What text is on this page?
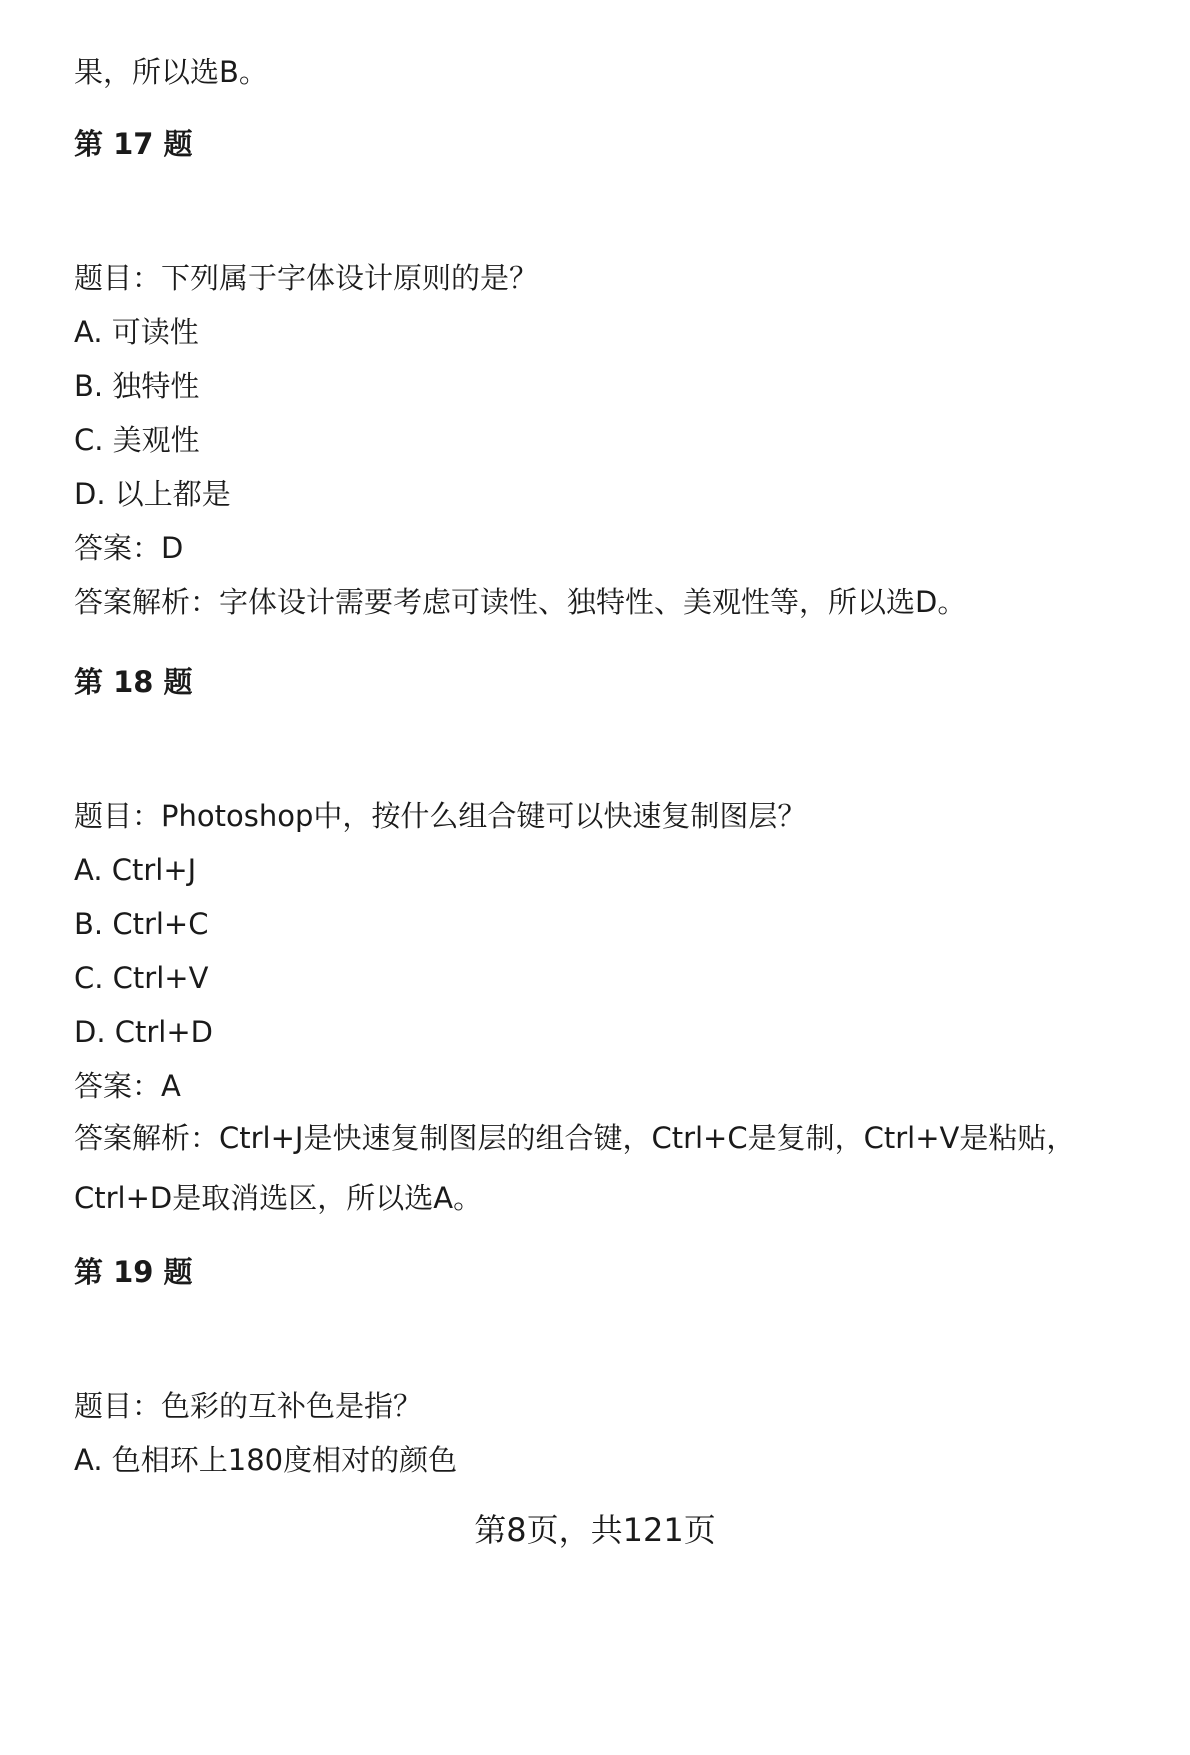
果，所以选B。
第 17 题
题目：下列属于字体设计原则的是？
A. 可读性
B. 独特性
C. 美观性
D. 以上都是
答案：D
答案解析：字体设计需要考虑可读性、独特性、美观性等，所以选D。
第 18 题
题目：Photoshop中，按什么组合键可以快速复制图层？
A. Ctrl+J
B. Ctrl+C
C. Ctrl+V
D. Ctrl+D
答案：A
答案解析：Ctrl+J是快速复制图层的组合键，Ctrl+C是复制，Ctrl+V是粘贴，Ctrl+D是取消选区，所以选A。
第 19 题
题目：色彩的互补色是指？
A. 色相环上180度相对的颜色
第8页，共121页
